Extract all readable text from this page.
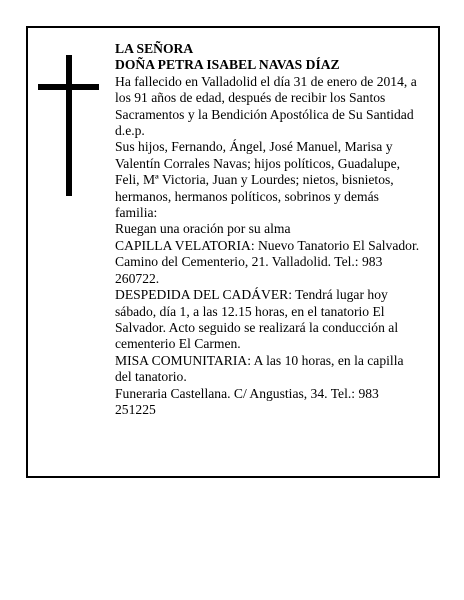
LA SEÑORA

DOÑA PETRA ISABEL NAVAS DÍAZ

Ha fallecido en Valladolid el día 31 de enero de 2014, a los 91 años de edad, después de recibir los Santos Sacramentos y la Bendición Apostólica de Su Santidad d.e.p.

Sus hijos, Fernando, Ángel, José Manuel, Marisa y Valentín Corrales Navas; hijos políticos, Guadalupe, Feli, Mª Victoria, Juan y Lourdes; nietos, bisnietos, hermanos, hermanos políticos, sobrinos y demás familia:

Ruegan una oración por su alma

CAPILLA VELATORIA: Nuevo Tanatorio El Salvador. Camino del Cementerio, 21. Valladolid. Tel.: 983 260722.

DESPEDIDA DEL CADÁVER: Tendrá lugar hoy sábado, día 1, a las 12.15 horas, en el tanatorio El Salvador. Acto seguido se realizará la conducción al cementerio El Carmen.

MISA COMUNITARIA: A las 10 horas, en la capilla del tanatorio.

Funeraria Castellana. C/ Angustias, 34. Tel.: 983 251225
